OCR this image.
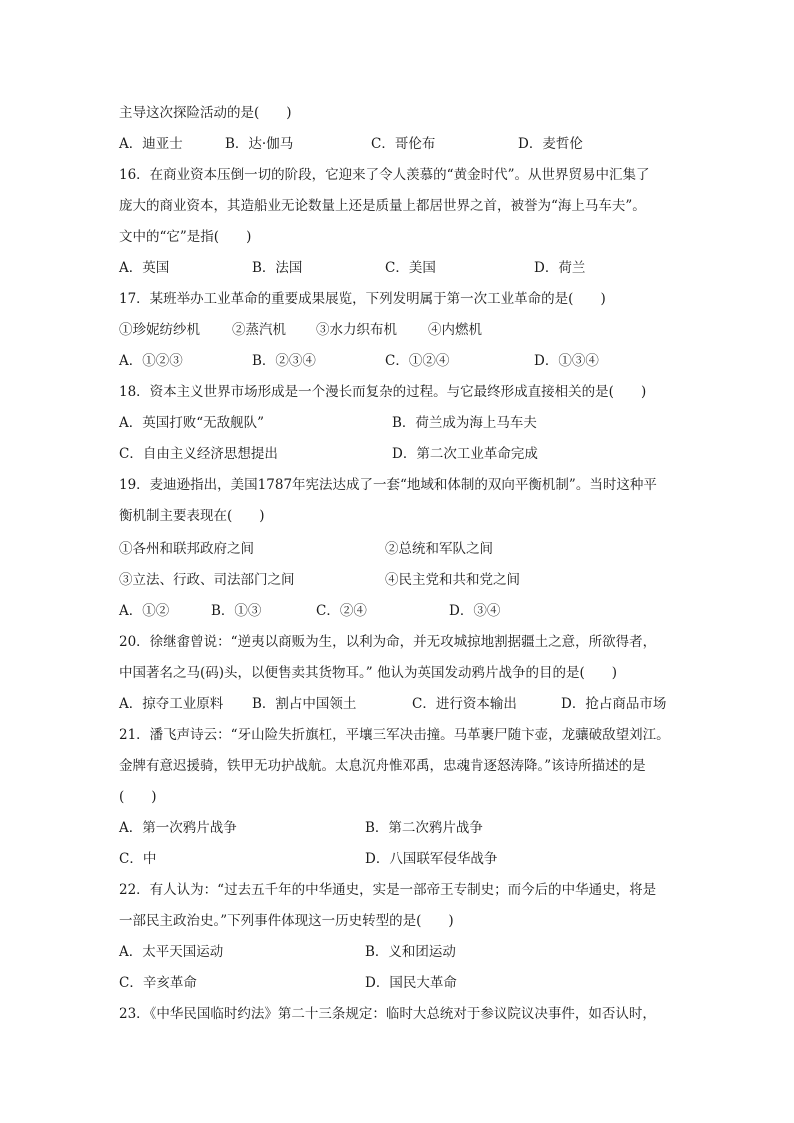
主导这次探险活动的是(　　)
A．迪亚士	B．达·伽马	C．哥伦布	D．麦哲伦
16．在商业资本压倒一切的阶段，它迎来了令人羡慕的“黄金时代”。从世界贸易中汇集了
庞大的商业资本，其造船业无论数量上还是质量上都居世界之首，被誉为“海上马车夫”。
文中的“它”是指(　　)
A．英国	B．法国	C．美国	D．荷兰
17．某班举办工业革命的重要成果展览，下列发明属于第一次工业革命的是(　　)
①珍妮纺纱机 ②蒸汽机 ③水力织布机 ④内燃机
A．①②③	B．②③④	C．①②④	D．①③④
18．资本主义世界市场形成是一个漫长而复杂的过程。与它最终形成直接相关的是(　　)
A．英国打败“无敌舰队”	B．荷兰成为海上马车夫
C．自由主义经济思想提出	D．第二次工业革命完成
19．麦迪逊指出，美国1787年宪法达成了一套“地域和体制的双向平衡机制”。当时这种平
衡机制主要表现在(　　)
①各州和联邦政府之间	②总统和军队之间
③立法、行政、司法部门之间	④民主党和共和党之间
A．①②	B．①③	C．②④	D．③④
20．徐继畬曾说：“逆夷以商贩为生，以利为命，并无攻城掠地割据疆土之意，所欲得者，
中国著名之马(码)头，以便售卖其货物耳。” 他认为英国发动鸦片战争的目的是(　　)
A．掠夺工业原料 B．割占中国领土	C．进行资本输出	D．抢占商品市场
21．潘飞声诗云：“牙山险失折旗杠，平壤三军决击撞。马革裹尸随卞壶，龙骧破敌望刘江。
金牌有意迟援骑，铁甲无功护战航。太息沉舟惟邓禹，忠魂肯逐怒涛降。”该诗所描述的是
(　　)
A．第一次鸦片战争	B．第二次鸦片战争
C．中	D．八国联军侵华战争
22．有人认为：“过去五千年的中华通史，实是一部帝王专制史；而今后的中华通史，将是
一部民主政治史。”下列事件体现这一历史转型的是(　　)
A．太平天国运动	B．义和团运动
C．辛亥革命	D．国民大革命
23．《中华民国临时约法》第二十三条规定：临时大总统对于参议院议决事件，如否认时，
